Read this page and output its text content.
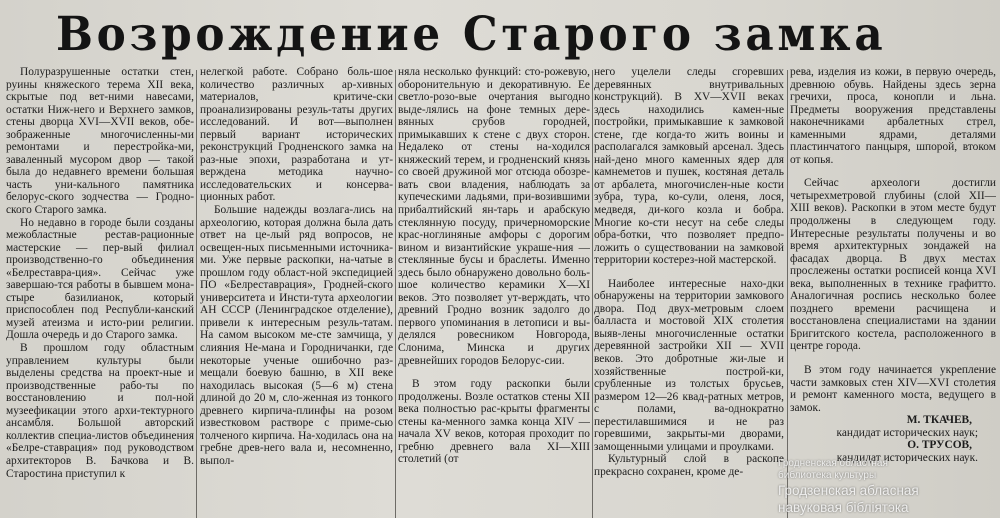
Возрождение Старого замка

Полуразрушенные остатки стен, руины княжеского терема XII века, скрытые под вет-ними навесами, остатки Ниж-него и Верхнего замков, стены дворца XVI—XVII веков, обе-зображенные многочисленны-ми ремонтами и перестройка-ми, заваленный мусором двор — такой была до недавнего времени большая часть уни-кального памятника белорус-ского зодчества — Гродно-ского Старого замка.

Но недавно в городе были созданы межобластные рестав-рационные мастерские — пер-вый филиал производственно-го объединения «Белреставра-ция». Сейчас уже завершаю-тся работы в бывшем мона-стыре базилианок, который приспособлен под Республи-канский музей атеизма и исто-рии религии. Дошла очередь и до Старого замка.

В прошлом году областным управлением культуры были выделены средства на проект-ные и производственные рабо-ты по восстановлению и пол-ной музеефикации этого архи-тектурного ансамбля. Большой авторский коллектив специа-листов объединения «Белре-ставрация» под руководством архитекторов В. Бачкова и В. Старостина приступил к

нелегкой работе. Собрано боль-шое количество различных ар-хивных материалов, критиче-ски проанализированы резуль-таты других исследований. И вот—выполнен первый вариант исторических реконструкций Гродненского замка на раз-ные эпохи, разработана и ут-верждена методика научно-исследовательских и консерва-ционных работ.

Большие надежды возлага-лись на археологию, которая должна была дать ответ на це-лый ряд вопросов, не освещен-ных письменными источника-ми. Уже первые раскопки, на-чатые в прошлом году област-ной экспедицией ПО «Белреставрация», Гродней-ского университета и Инсти-тута археологии АН СССР (Ленинградское отделение), привели к интересным резуль-татам. На самом высоком ме-сте замчища, у слияния Не-мана и Городничанки, где некоторые ученые ошибочно раз-мещали боевую башню, в XII веке находилась высокая (5—6 м) стена длиной до 20 м, сло-женная из тонкого древнего кирпича-плинфы на розом известковом растворе с приме-сью толченого кирпича. На-ходилась она на гребне древ-него вала и, несомненно, выпол-

няла несколько функций: сто-рожевую, оборонительную и декоративную. Ее светло-розо-вые очертания выгодно выде-лялись на фоне темных дере-вянных срубов городней, примыкавших к стене с двух сторон. Недалеко от стены на-ходился княжеский терем, и гродненский князь со своей дружиной мог отсюда обозре-вать свои владения, наблюдать за купеческими ладьями, при-возившими прибалтийский ян-тарь и арабскую стеклянную посуду, причерноморские крас-ноглиняные амфоры с дорогим вином и византийские украше-ния — стеклянные бусы и браслеты. Именно здесь было обнаружено довольно боль-шое количество керамики X—XI веков. Это позволяет ут-верждать, что древний Гродно возник задолго до первого упоминания в летописи и вы-делялся ровесником Новгорода, Слонима, Минска и других древнейших городов Белорус-сии.

В этом году раскопки были продолжены. Возле остатков стены XII века полностью рас-крыты фрагменты стены ка-менного замка конца XIV — начала XV веков, которая проходит по гребню древнего вала XI—XIII столетий (от

него уцелели следы сгоревших деревянных внутривальных конструкций). В XV—XVII веках здесь находились камен-ные постройки, примыкавшие к замковой стене, где когда-то жить воины и располагался замковый арсенал. Здесь най-дено много каменных ядер для камнеметов и пушек, костяная деталь от арбалета, многочислен-ные кости зубра, тура, ко-сули, оленя, лося, медведя, ди-кого козла и бобра. Многие ко-сти несут на себе следы обра-ботки, что позволяет предпо-ложить о существовании на замковой территории костерез-ной мастерской.

Наиболее интересные нахо-дки обнаружены на территории замкового двора. Под двух-метровым слоем балласта и мостовой XIX столетия выяв-лены многочисленные остатки деревянной застройки XII — XVII веков. Это добротные жи-лые и хозяйственные построй-ки, срубленные из толстых брусьев, размером 12—26 квад-ратных метров, с полами, ва-однократно перестилавшимися и не раз горевшими, закрыты-ми дворами, замощенными улицами и проулками.

Культурный слой в раскопе прекрасно сохранен, кроме де-

рева, изделия из кожи, в первую очередь, древнюю обувь. Найдены здесь зерна гречихи, проса, конопли и льна. Предметы вооружения представлены наконечниками арбалетных стрел, каменными ядрами, деталями пластинчатого панцыря, шпорой, втоком от копья.

Сейчас археологи достигли четырехметровой глубины (слой XII—XIII веков). Раскопки в этом месте будут продолжены в следующем году. Интересные результаты получены и во время архитектурных зондажей на фасадах дворца. В двух местах прослежены остатки росписей конца XVI века, выполненных в технике графитто. Аналогичная роспись несколько более позднего времени расчищена и восстановлена специалистами на здании Бригитского костела, расположенного в центре города.

В этом году начинается укрепление части замковых стен XIV—XVI столетия и ремонт каменного моста, ведущего в замок.

М. ТКАЧЕВ,

кандидат исторических наук;

О. ТРУСОВ,

кандидат исторических наук.

Гродненская областная
библиотека культуры
Гродзенская абласная
навуковая бібліятэка
